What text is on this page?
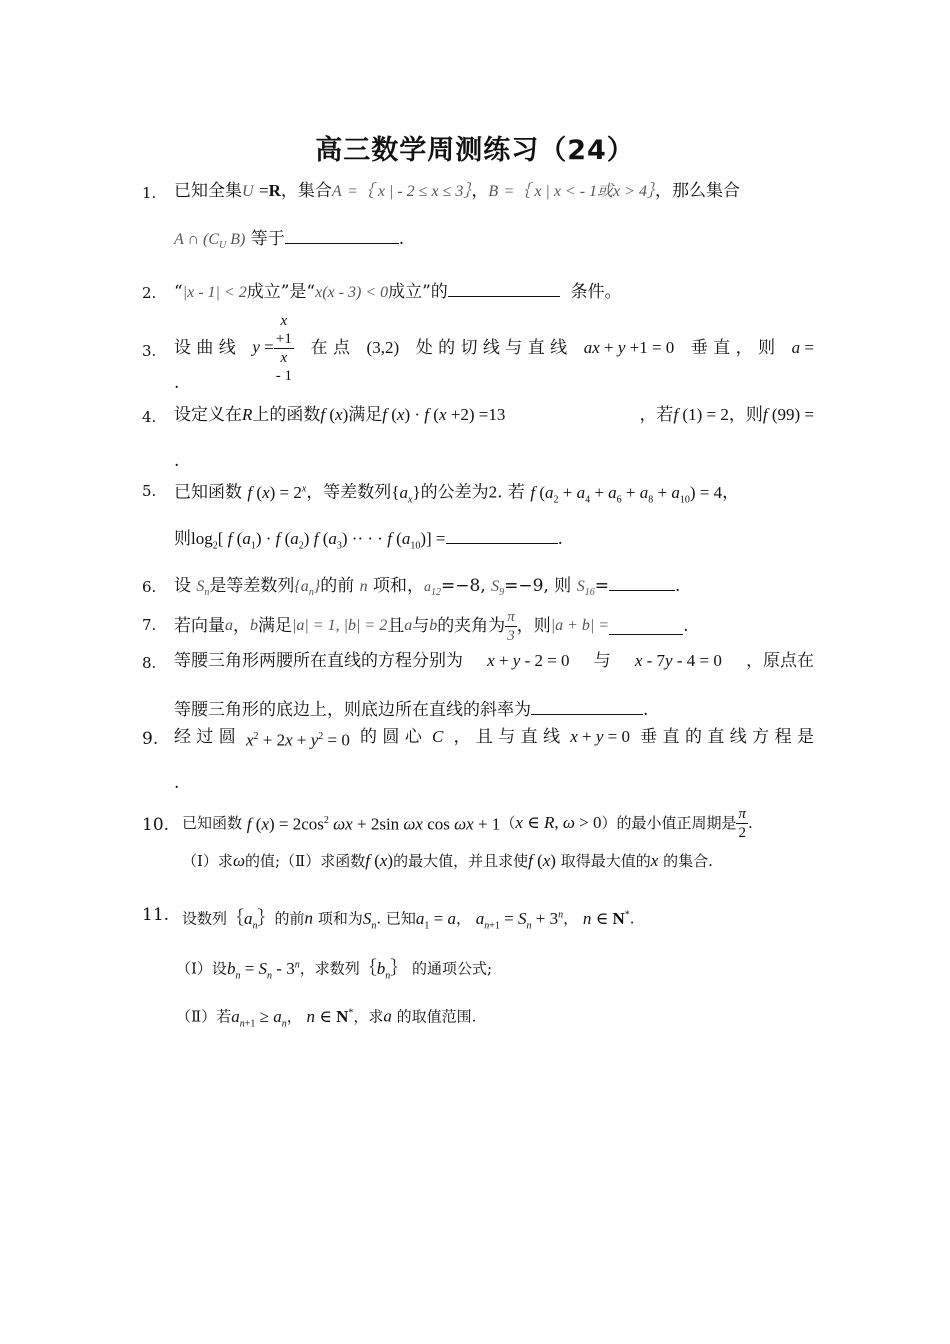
高三数学周测练习（24）
1. 已知全集U =R，集合A =｛ x | - 2 ≤ x ≤ 3｝，B =｛ x | x < - 1或x > 4｝，那么集合
A ∩ ($C_U$ B) 等于	.
2. “|x - 1| < 2成立”是“x(x - 3) < 0成立”的	条件。
3. 设 曲 线 y = x
+1
x
- 1 在 点 (3,2) 处 的 切 线 与 直 线 ax + y +1 = 0 垂 直 ， 则 a =
.
4. 设定义在R上的函数f (x)满足f (x) · f (x +2) =13	，若f (1) = 2，则f (99) =
.
5. 已知函数 f $(x) = 2^x$，等差数列$\{a_x\}$的公差为2. 若 f $(a_2 + a_4 + a_6 + a_8 + a_{10}) = 4$，
则$\log_2$[ f $(a_1) \cdot f$ $(a_2)$ f $(a_3)$ ·· · · f $(a_{10})$] =	.
6. 设 $S_n$是等差数列$\{a_n\}$的前 n 项和，$a_{12}=-8$, $S_9=-9$, 则 $S_{16}=$	.
7. 若向量 a ， b 满足 |a| = 1, |b| = 2 且 a 与 b 的夹角为 $\frac{\pi}{3}$ ，则 |a + b| =	.
8. 等腰三角形两腰所在直线的方程分别为 x + y - 2 = 0 与 x - 7y - 4 = 0 ，原点在
等腰三角形的底边上，则底边所在直线的斜率为	.
9. 经 过 圆 $x^2 + 2x + y^2 = 0$ 的 圆 心 C ， 且 与 直 线 x + y = 0 垂 直 的 直 线 方 程 是
.
10. 已知函数
f $(x) = 2\cos^2$ ωx + 2sin ωx cos ωx + 1 （ x ∈ R, ω > 0 ）的最小值正周期是 $\frac{\pi}{2}$ .
（Ⅰ）求ω的值;（Ⅱ）求函数f (x)的最大值，并且求使f (x) 取得最大值的x 的集合.
11. 设数列$\{a_n\}$的前n 项和为$S_n$. 已知$a_1 = a$， $a_{n+1} = S_n + 3^n$， n ∈ N*.
（Ⅰ）设$b_n = S_n - 3^n$，求数列$\{b_n\}$ 的通项公式;
（Ⅱ）若$a_{n+1} \ge a_n$， n ∈ N*，求a 的取值范围.
